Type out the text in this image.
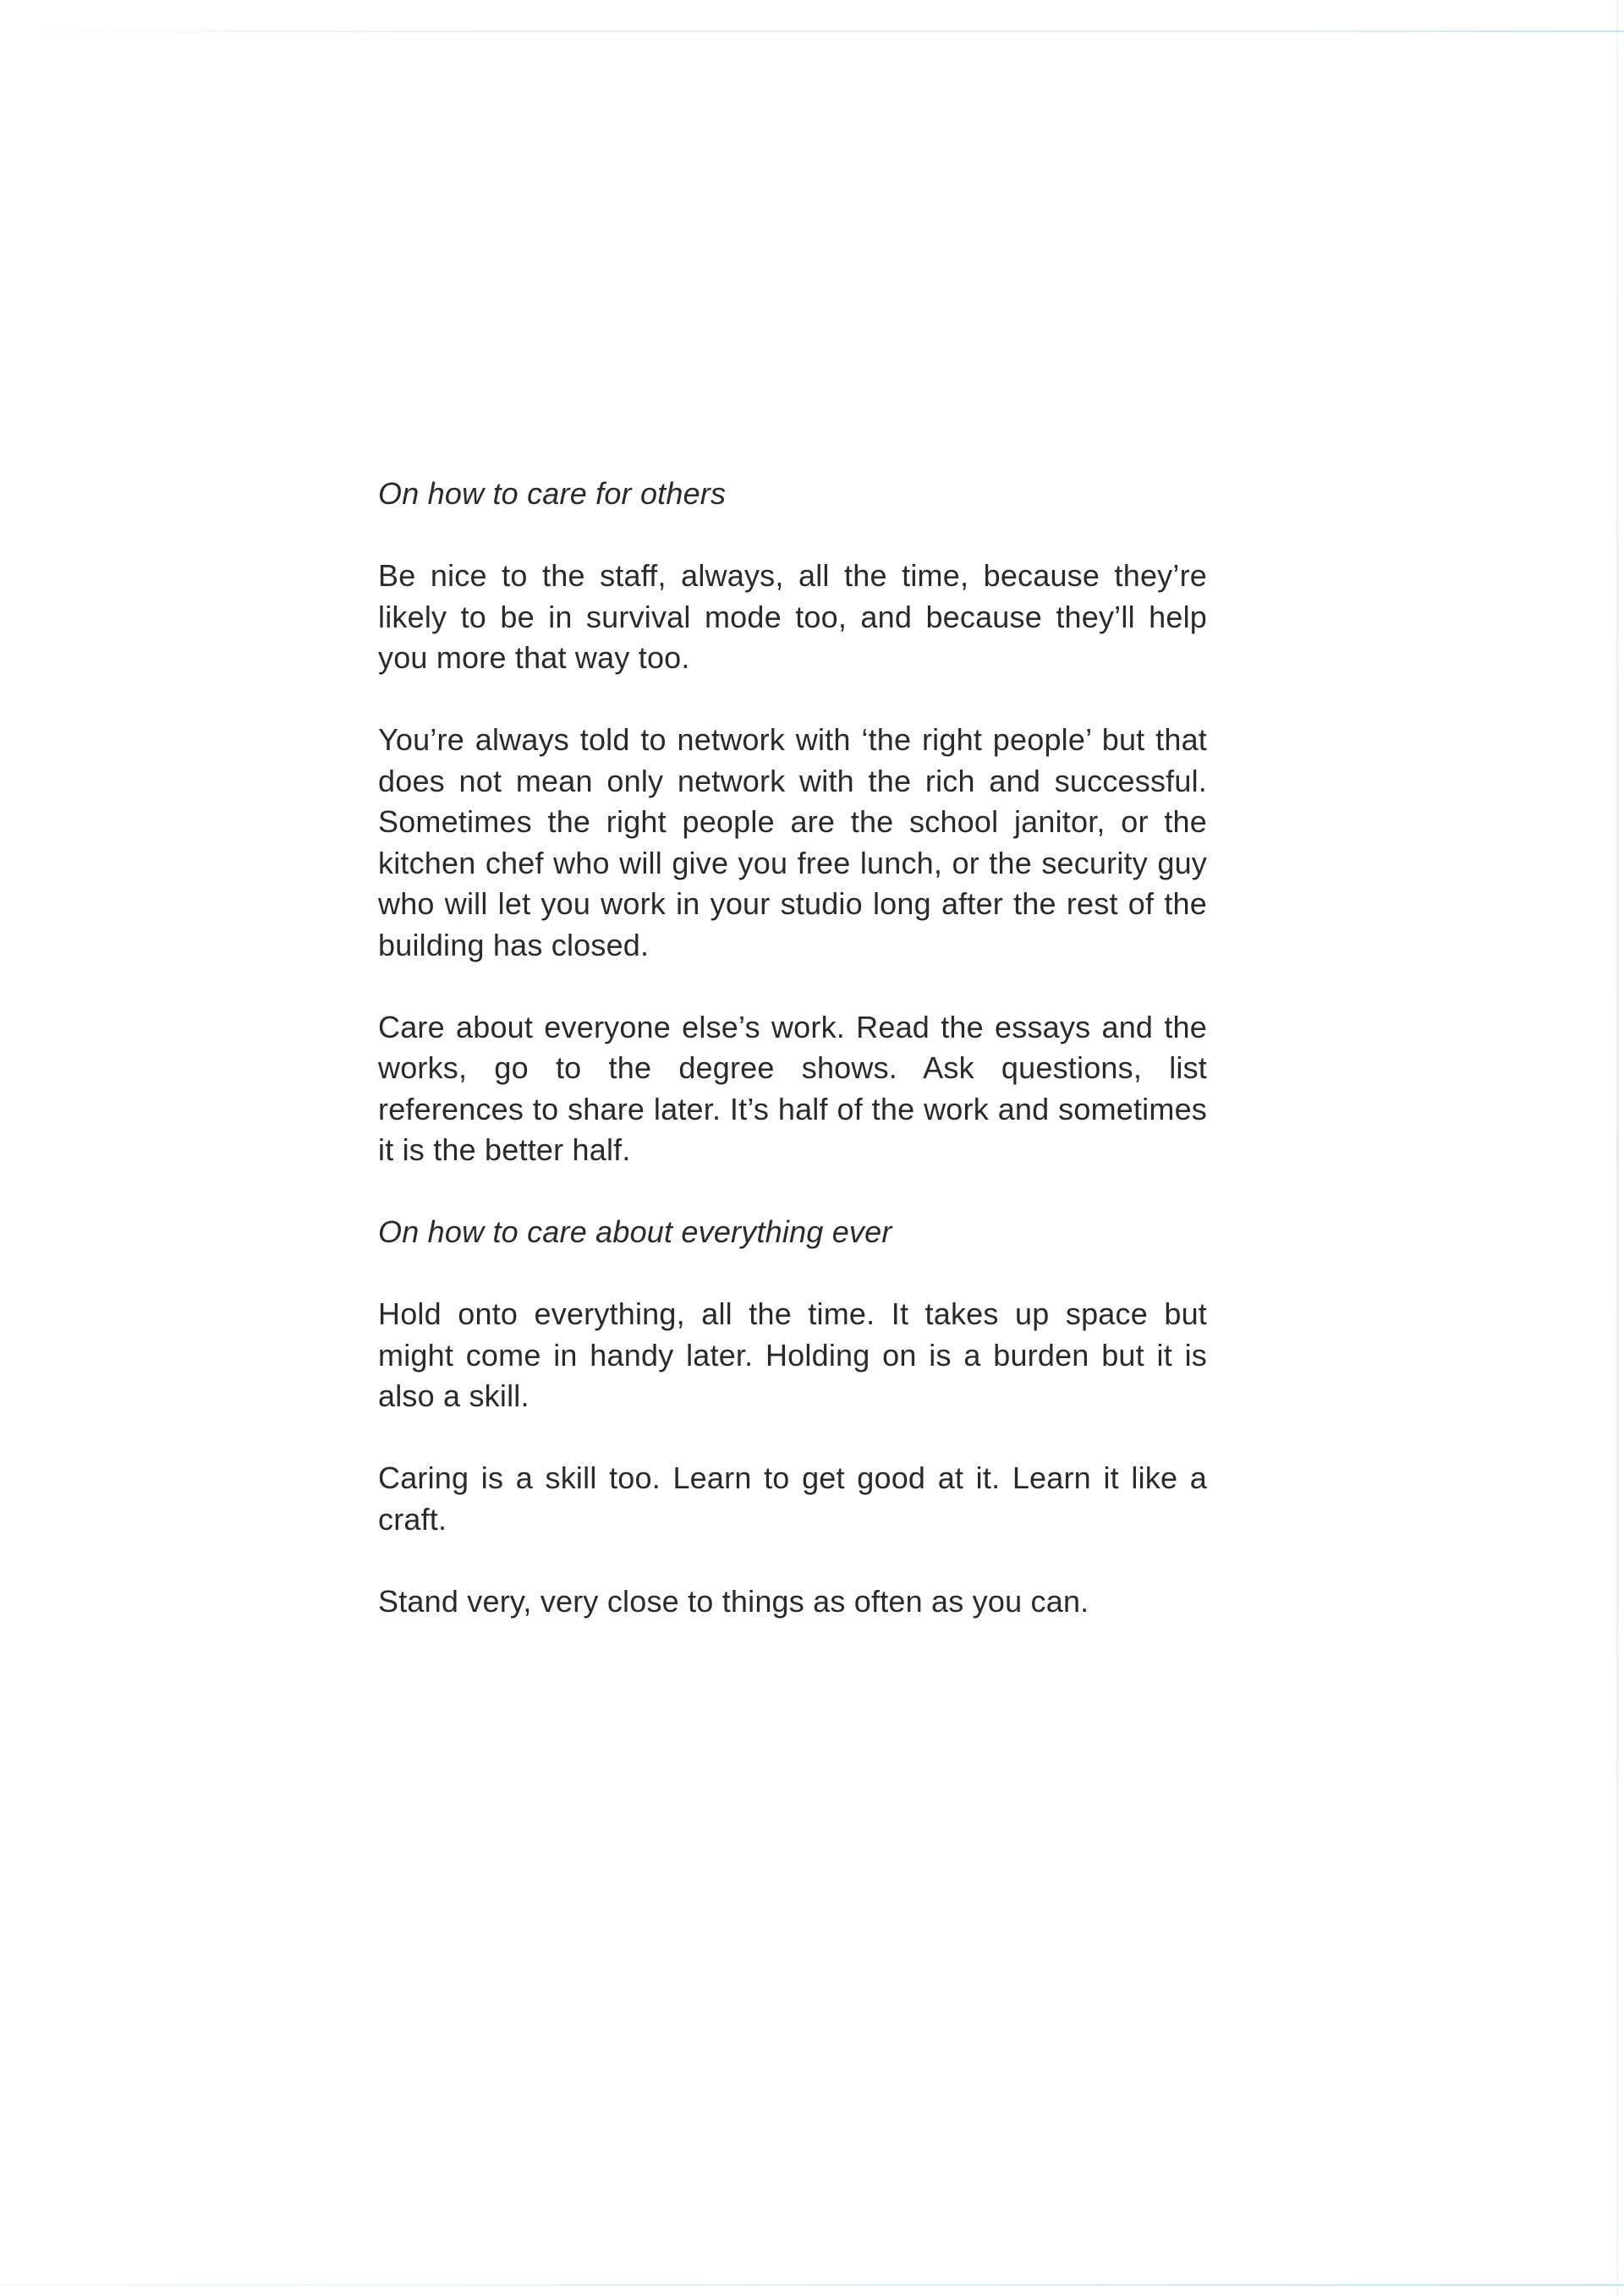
On how to care for others

Be nice to the staff, always, all the time, because they’re likely to be in survival mode too, and because they’ll help you more that way too.

You’re always told to network with ‘the right people’ but that does not mean only network with the rich and successful. Sometimes the right people are the school janitor, or the kitchen chef who will give you free lunch, or the security guy who will let you work in your studio long after the rest of the building has closed.

Care about everyone else’s work. Read the essays and the works, go to the degree shows. Ask questions, list references to share later. It’s half of the work and sometimes it is the better half.

On how to care about everything ever

Hold onto everything, all the time. It takes up space but might come in handy later. Holding on is a burden but it is also a skill.

Caring is a skill too. Learn to get good at it. Learn it like a craft.

Stand very, very close to things as often as you can.
